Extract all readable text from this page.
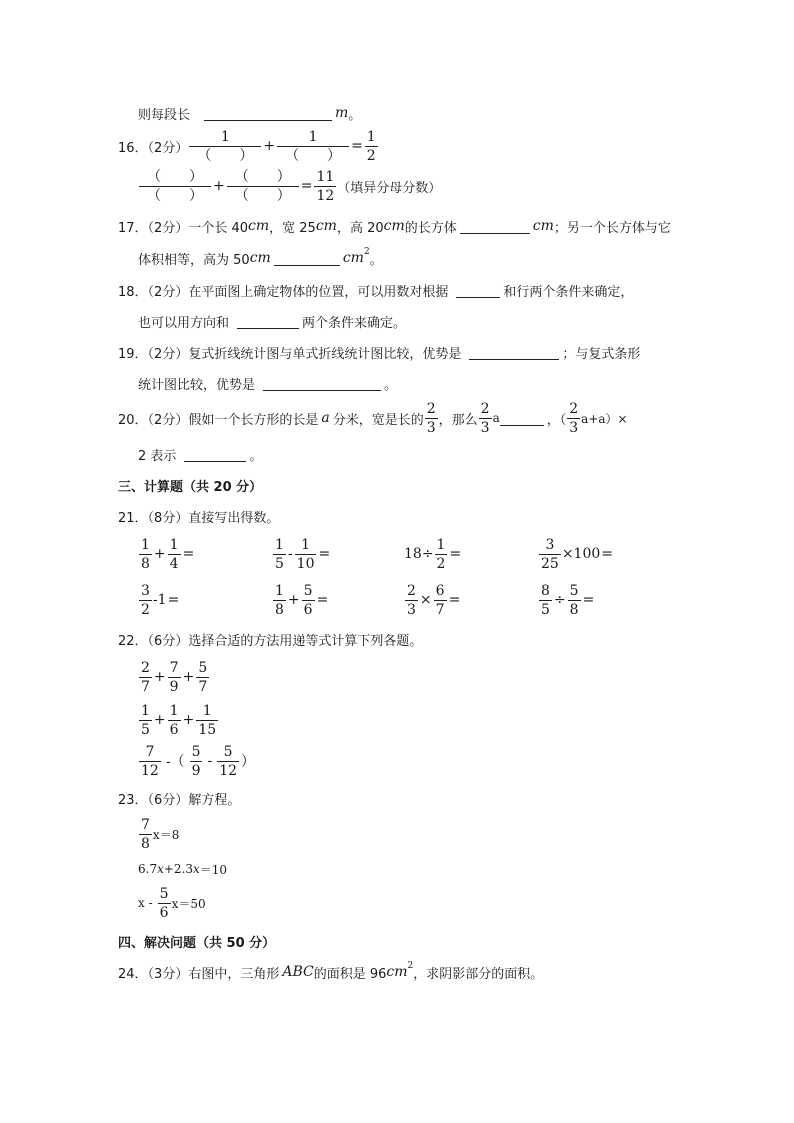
则每段长	m 。
16．（2分） $\frac{1}{( )} + \frac{1}{( )} = \frac{1}{2}$
$\frac{( )}{( )} + \frac{( )}{( )} = \frac{11}{12}$ （填异分母分数）
17．（2分） 一个长 40 cm ，宽 25 cm ，高 20 cm 的长方体	cm ；另一个长方体与它
体积相等，高为 50 cm	cm 2
。
18．（2分） 在平面图上确定物体的位置，可以用数对根据	和行两个条件来确定，
也可以用方向和	两个条件来确定。
19．（2分） 复式折线统计图与单式折线统计图比较，优势是	；与复式条形
统计图比较，优势是	。
20．（2分） 假如一个长方形的长是 a 分米，宽是长的 $\frac{2}{3}$ ，那么 $\frac{2}{3}$ a	，（ $\frac{2}{3} a+a)\times$
2 表示	。
三、计算题（共 20 分）
21．（8分） 直接写出得数。
$\frac{1}{8} + \frac{1}{4}$ =	$\frac{1}{5} - \frac{1}{10}$ =	$18\div \frac{1}{2}$ =	$\frac{3}{25} \times 100$ =
$\frac{3}{2} -1$ =	$\frac{1}{8} + \frac{5}{6}$ =	$\frac{2}{3} \times \frac{6}{7}$ =	$\frac{8}{5} \div \frac{5}{8}$ =
22．（6分） 选择合适的方法用递等式计算下列各题。
$\frac{2}{7} + \frac{7}{9} + \frac{5}{7}$
$\frac{1}{5} + \frac{1}{6} + \frac{1}{15}$
$\frac{7}{12}$ -（ $\frac{5}{9} - \frac{5}{12}$ ）
23．（6分） 解方程。
$\frac{7}{8} x=8$
6.7 x +2.3 x ＝10
$x - \frac{5}{6} x=50$
四、解决问题（共 50 分）
24．（3分） 右图中，三角形 ABC 的面积是 96 cm 2
，求阴影部分的面积。
